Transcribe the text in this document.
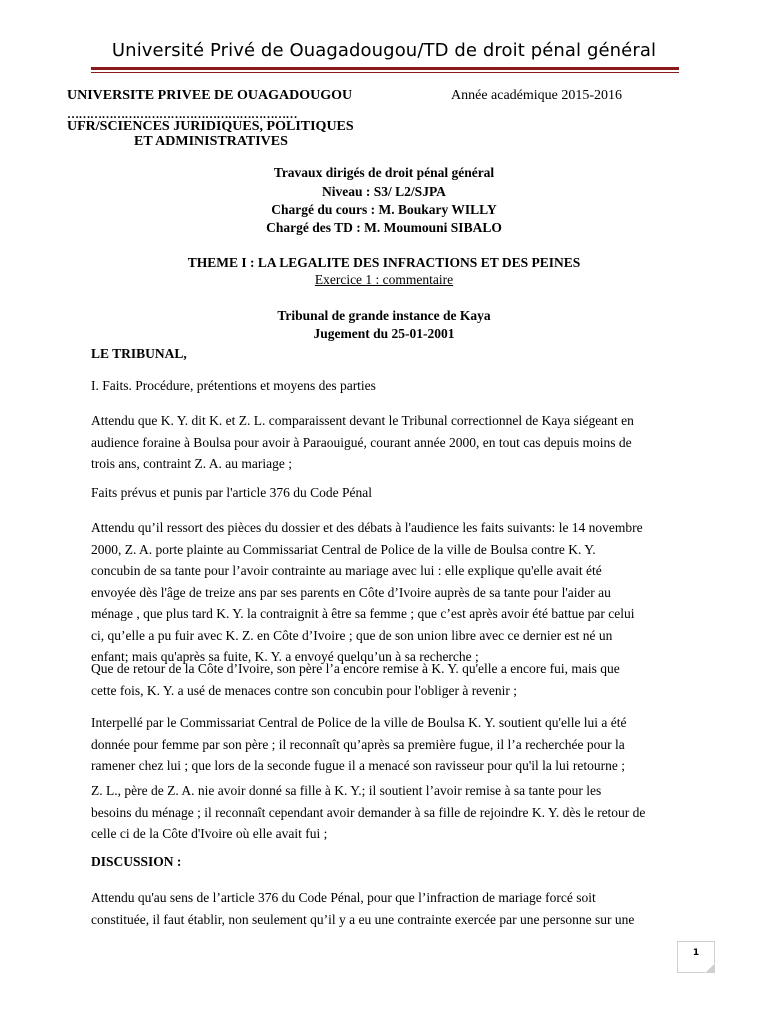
Université Privé de Ouagadougou/TD de droit pénal général
UNIVERSITE PRIVEE DE OUAGADOUGOU	Année académique 2015-2016
……………………………………………………
UFR/SCIENCES JURIDIQUES, POLITIQUES
ET ADMINISTRATIVES
Travaux dirigés de droit pénal général
Niveau : S3/ L2/SJPA
Chargé du cours : M. Boukary WILLY
Chargé des TD : M. Moumouni SIBALO
THEME I : LA LEGALITE DES INFRACTIONS ET DES PEINES
Exercice 1 : commentaire
Tribunal de grande instance de Kaya
Jugement du 25-01-2001
LE TRIBUNAL,
I. Faits. Procédure, prétentions et moyens des parties
Attendu que K. Y. dit K. et Z. L. comparaissent devant le Tribunal correctionnel de Kaya siégeant en
audience foraine à Boulsa pour avoir à Paraouigué, courant année 2000, en tout cas depuis moins de
trois ans, contraint Z. A. au mariage ;
Faits prévus et punis par l'article 376 du Code Pénal
Attendu qu’il ressort des pièces du dossier et des débats à l'audience les faits suivants: le 14 novembre
2000, Z. A. porte plainte au Commissariat Central de Police de la ville de Boulsa contre K. Y.
concubin de sa tante pour l’avoir contrainte au mariage avec lui : elle explique qu'elle avait été
envoyée dès l'âge de treize ans par ses parents en Côte d’Ivoire auprès de sa tante pour l'aider au
ménage , que plus tard K. Y. la contraignit à être sa femme ; que c’est après avoir été battue par celui
ci, qu’elle a pu fuir avec K. Z. en Côte d’Ivoire ; que de son union libre avec ce dernier est né un
enfant; mais qu'après sa fuite, K. Y. a envoyé quelqu’un à sa recherche ;
Que de retour de la Côte d’Ivoire, son père l’a encore remise à K. Y. qu'elle a encore fui, mais que
cette fois, K. Y. a usé de menaces contre son concubin pour l'obliger à revenir ;
Interpellé par le Commissariat Central de Police de la ville de Boulsa K. Y. soutient qu'elle lui a été
donnée pour femme par son père ; il reconnaît qu’après sa première fugue, il l’a recherchée pour la
ramener chez lui ; que lors de la seconde fugue il a menacé son ravisseur pour qu'il la lui retourne ;
Z. L., père de Z. A. nie avoir donné sa fille à K. Y.; il soutient l’avoir remise à sa tante pour les
besoins du ménage ; il reconnaît cependant avoir demander à sa fille de rejoindre K. Y. dès le retour de
celle ci de la Côte d'Ivoire où elle avait fui ;
DISCUSSION :
Attendu qu'au sens de l’article 376 du Code Pénal, pour que l’infraction de mariage forcé soit
constituée, il faut établir, non seulement qu’il y a eu une contrainte exercée par une personne sur une
1
